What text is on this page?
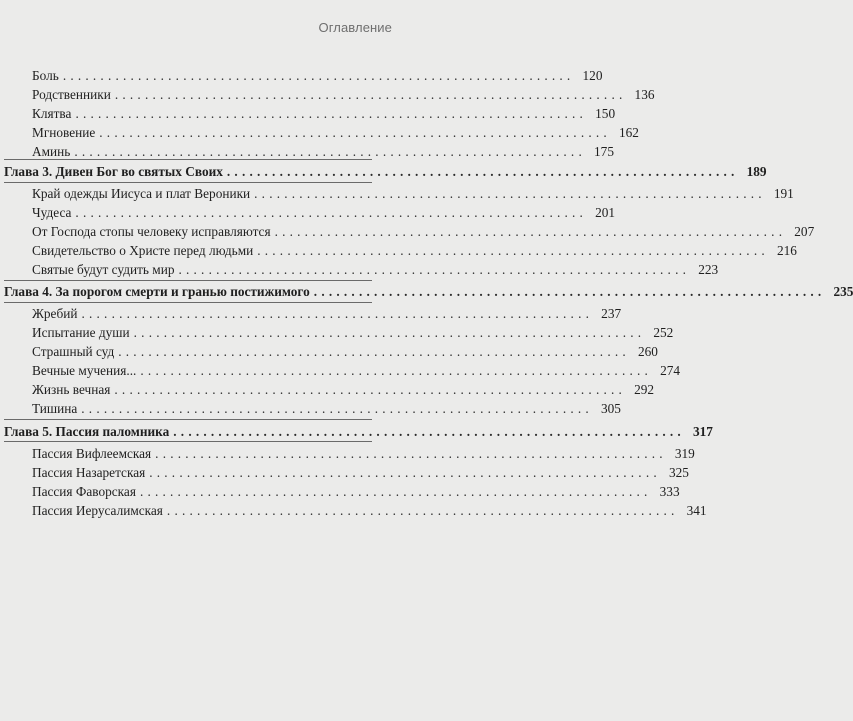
Оглавление
Боль .................................................................... 120
Родственники .................................................................... 136
Клятва .................................................................... 150
Мгновение .................................................................... 162
Аминь .................................................................... 175
Глава 3. Дивен Бог во святых Своих .................................................................... 189
Край одежды Иисуса и плат Вероники .................................................................... 191
Чудеса .................................................................... 201
От Господа стопы человеку исправляются .................................................................... 207
Свидетельство о Христе перед людьми .................................................................... 216
Святые будут судить мир .................................................................... 223
Глава 4. За порогом смерти и гранью постижимого .................................................................... 235
Жребий .................................................................... 237
Испытание души .................................................................... 252
Страшный суд .................................................................... 260
Вечные мучения... .................................................................... 274
Жизнь вечная .................................................................... 292
Тишина .................................................................... 305
Глава 5. Пассия паломника .................................................................... 317
Пассия Вифлеемская .................................................................... 319
Пассия Назаретская .................................................................... 325
Пассия Фаворская .................................................................... 333
Пассия Иерусалимская .................................................................... 341
